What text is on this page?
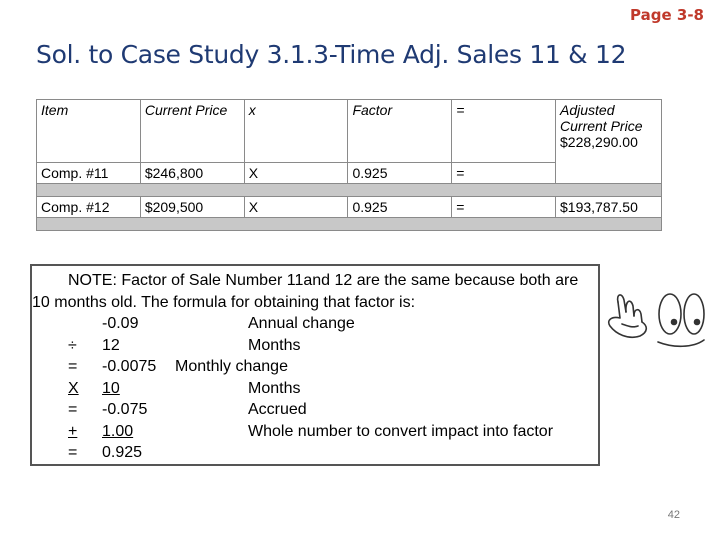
Page 3-8
Sol. to Case Study 3.1.3-Time Adj. Sales 11 & 12
Item	Current Price	x	Factor	=	Adjusted Current Price
$228,290.00

Comp. #11	$246,800	X	0.925	=	

Comp. #12	$209,500	X	0.925	=	$193,787.50

NOTE: Factor of Sale Number 11and 12 are the same because both are 10 months old. The formula for obtaining that factor is:
-0.09	Annual change
÷ 12	Months
= -0.0075 Monthly change
X 10	Months
= -0.075	Accrued
+ 1.00	Whole number to convert impact into factor
= 0.925
42
